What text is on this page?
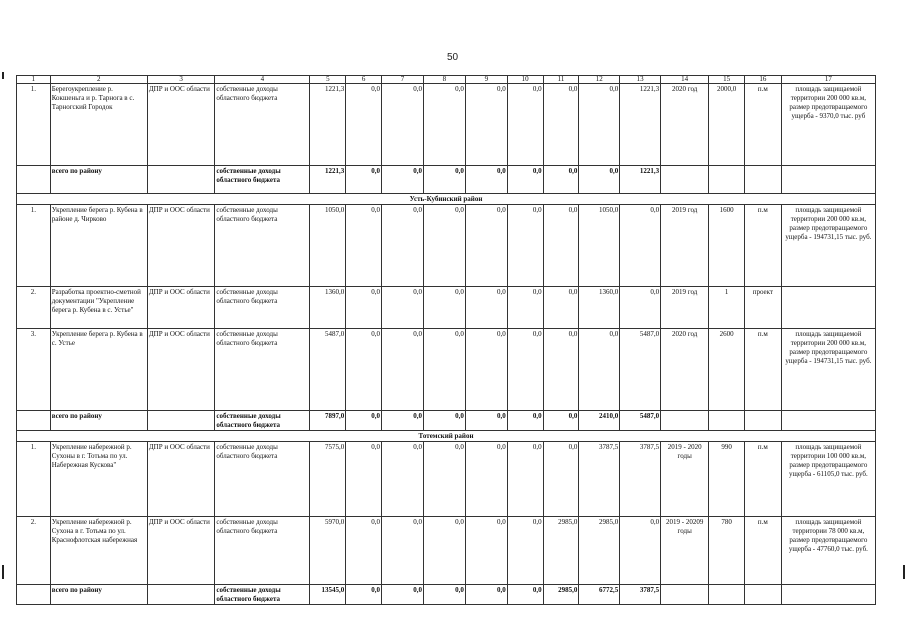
50
1	2	3	4	5	6	7	8	9	10	11	12	13	14	15	16	17
1.	Берегоукрепление р. Кокшеньга и р. Тарнога в с. Тарногский Городок	ДПР и ООС области	собственные доходы областного бюджета	1221,3	0,0	0,0	0,0	0,0	0,0	0,0	0,0	1221,3	2020 год	2000,0	п.м	площадь защищаемой территории 200 000 кв.м, размер предотвращаемого ущерба - 9370,0 тыс. руб
	всего по району		собственные доходы областного бюджета	1221,3	0,0	0,0	0,0	0,0	0,0	0,0	0,0	1221,3				
Усть-Кубинский район																
1.	Укрепление берега р. Кубена в районе д. Чирково	ДПР и ООС области	собственные доходы областного бюджета	1050,0	0,0	0,0	0,0	0,0	0,0	0,0	1050,0	0,0	2019 год	1600	п.м	площадь защищаемой территории 200 000 кв.м, размер предотвращаемого ущерба - 194731,15 тыс. руб.
2.	Разработка проектно-сметной документации "Укрепление берега р. Кубена в с. Устье"	ДПР и ООС области	собственные доходы областного бюджета	1360,0	0,0	0,0	0,0	0,0	0,0	0,0	1360,0	0,0	2019 год	1	проект	
3.	Укрепление берега р. Кубена в с. Устье	ДПР и ООС области	собственные доходы областного бюджета	5487,0	0,0	0,0	0,0	0,0	0,0	0,0	0,0	5487,0	2020 год	2600	п.м	площадь защищаемой территории 200 000 кв.м, размер предотвращаемого ущерба - 194731,15 тыс. руб.
	всего по району		собственные доходы областного бюджета	7897,0	0,0	0,0	0,0	0,0	0,0	0,0	2410,0	5487,0				
Тотемский район																
1.	Укрепление набережной р. Сухоны в г. Тотьма по ул. Набережная Кускова"	ДПР и ООС области	собственные доходы областного бюджета	7575,0	0,0	0,0	0,0	0,0	0,0	0,0	3787,5	3787,5	2019 - 2020 годы	990	п.м	площадь защищаемой территории 100 000 кв.м, размер предотвращаемого ущерба - 61105,0 тыс. руб.
2.	Укрепление набережной р. Сухона в г. Тотьма по ул. Краснофлотская набережная	ДПР и ООС области	собственные доходы областного бюджета	5970,0	0,0	0,0	0,0	0,0	0,0	2985,0	2985,0	0,0	2019 - 20209 годы	780	п.м	площадь защищаемой территории 78 000 кв.м, размер предотвращаемого ущерба - 47760,0 тыс. руб.
	всего по району		собственные доходы областного бюджета	13545,0	0,0	0,0	0,0	0,0	0,0	2985,0	6772,5	3787,5				
